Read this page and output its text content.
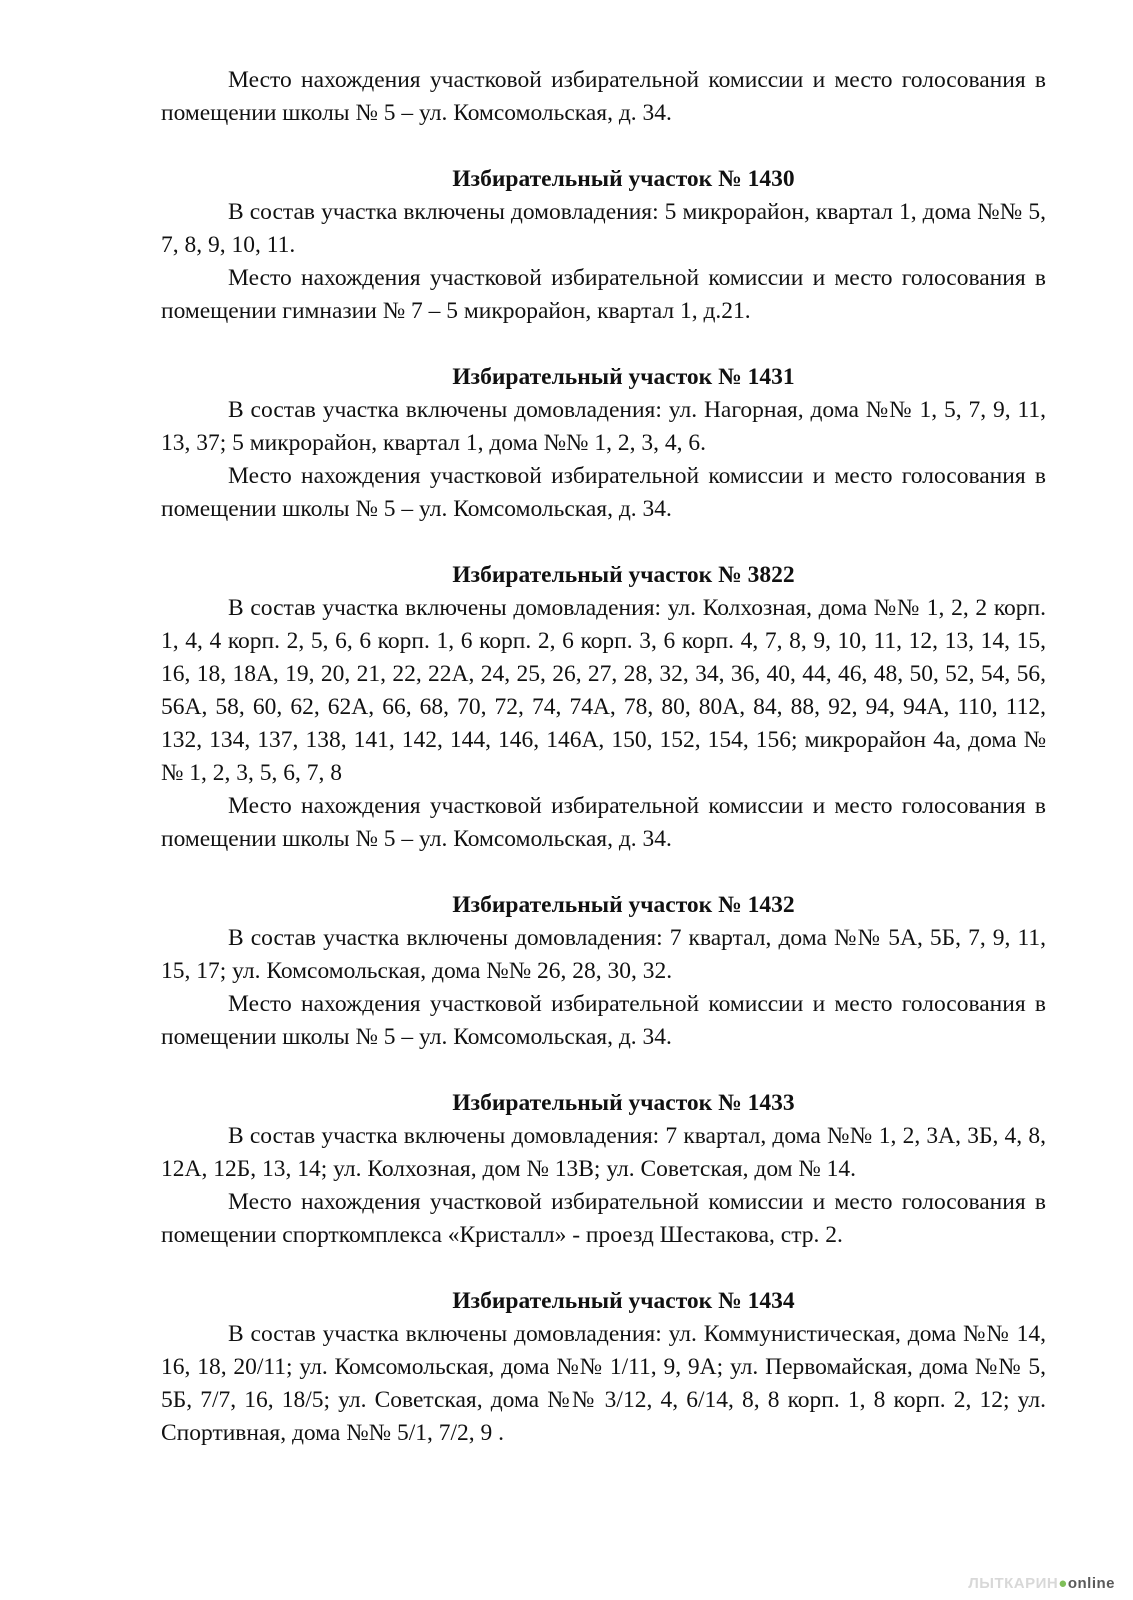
Место нахождения участковой избирательной комиссии и место голосования в помещении школы № 5 – ул. Комсомольская, д. 34.

Избирательный участок № 1430

В состав участка включены домовладения: 5 микрорайон, квартал 1, дома №№ 5, 7, 8, 9, 10, 11.

Место нахождения участковой избирательной комиссии и место голосования в помещении гимназии № 7 – 5 микрорайон, квартал 1, д.21.

Избирательный участок № 1431

В состав участка включены домовладения: ул. Нагорная, дома №№ 1, 5, 7, 9, 11, 13, 37; 5 микрорайон, квартал 1, дома №№ 1, 2, 3, 4, 6.

Место нахождения участковой избирательной комиссии и место голосования в помещении школы № 5 – ул. Комсомольская, д. 34.

Избирательный участок № 3822

В состав участка включены домовладения: ул. Колхозная, дома №№ 1, 2, 2 корп. 1, 4, 4 корп. 2, 5, 6, 6 корп. 1, 6 корп. 2, 6 корп. 3, 6 корп. 4, 7, 8, 9, 10, 11, 12, 13, 14, 15, 16, 18, 18А, 19, 20, 21, 22, 22А, 24, 25, 26, 27, 28, 32, 34, 36, 40, 44, 46, 48, 50, 52, 54, 56, 56А, 58, 60, 62, 62А, 66, 68, 70, 72, 74, 74А, 78, 80, 80А, 84, 88, 92, 94, 94А, 110, 112, 132, 134, 137, 138, 141, 142, 144, 146, 146А, 150, 152, 154, 156; микрорайон 4а, дома №№ 1, 2, 3, 5, 6, 7, 8

Место нахождения участковой избирательной комиссии и место голосования в помещении школы № 5 – ул. Комсомольская, д. 34.

Избирательный участок № 1432

В состав участка включены домовладения: 7 квартал, дома №№ 5А, 5Б, 7, 9, 11, 15, 17; ул. Комсомольская, дома №№ 26, 28, 30, 32.

Место нахождения участковой избирательной комиссии и место голосования в помещении школы № 5 – ул. Комсомольская, д. 34.

Избирательный участок № 1433

В состав участка включены домовладения: 7 квартал, дома №№ 1, 2, 3А, 3Б, 4, 8, 12А, 12Б, 13, 14; ул. Колхозная, дом № 13В; ул. Советская, дом № 14.

Место нахождения участковой избирательной комиссии и место голосования в помещении спорткомплекса «Кристалл» - проезд Шестакова, стр. 2.

Избирательный участок № 1434

В состав участка включены домовладения: ул. Коммунистическая, дома №№ 14, 16, 18, 20/11; ул. Комсомольская, дома №№ 1/11, 9, 9А; ул. Первомайская, дома №№ 5, 5Б, 7/7, 16, 18/5; ул. Советская, дома №№ 3/12, 4, 6/14, 8, 8 корп. 1, 8 корп. 2, 12; ул. Спортивная, дома №№ 5/1, 7/2, 9 .

ЛЫТКАРИН●online
